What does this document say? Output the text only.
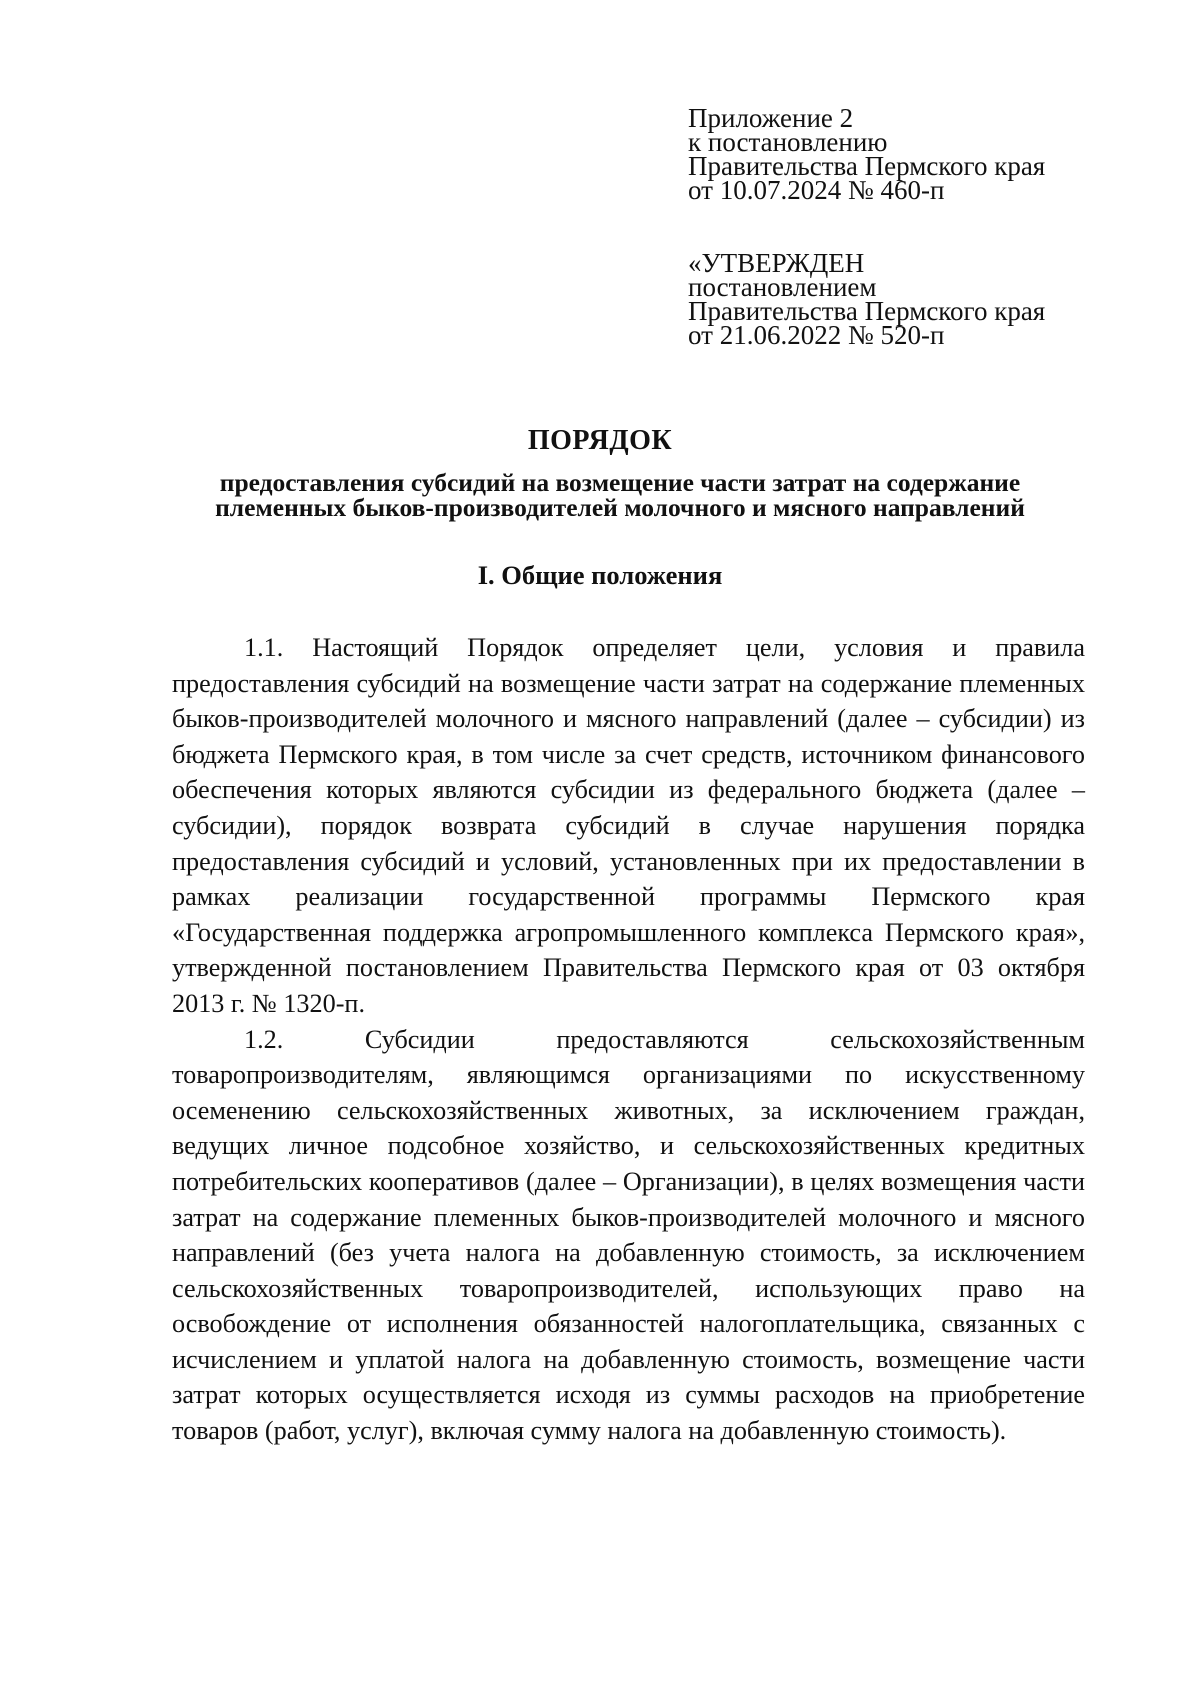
Приложение 2
к постановлению
Правительства Пермского края
от 10.07.2024 № 460-п
«УТВЕРЖДЕН
постановлением
Правительства Пермского края
от 21.06.2022 № 520-п
ПОРЯДОК
предоставления субсидий на возмещение части затрат на содержание
племенных быков-производителей молочного и мясного направлений
I. Общие положения

1.1. Настоящий Порядок определяет цели, условия и правила предоставления субсидий на возмещение части затрат на содержание племенных быков-производителей молочного и мясного направлений (далее – субсидии) из бюджета Пермского края, в том числе за счет средств, источником финансового обеспечения которых являются субсидии из федерального бюджета (далее – субсидии), порядок возврата субсидий в случае нарушения порядка предоставления субсидий и условий, установленных при их предоставлении в рамках реализации государственной программы Пермского края «Государственная поддержка агропромышленного комплекса Пермского края», утвержденной постановлением Правительства Пермского края от 03 октября 2013 г. № 1320-п.

1.2. Субсидии предоставляются сельскохозяйственным товаропроизводителям, являющимся организациями по искусственному осеменению сельскохозяйственных животных, за исключением граждан, ведущих личное подсобное хозяйство, и сельскохозяйственных кредитных потребительских кооперативов (далее – Организации), в целях возмещения части затрат на содержание племенных быков-производителей молочного и мясного направлений (без учета налога на добавленную стоимость, за исключением сельскохозяйственных товаропроизводителей, использующих право на освобождение от исполнения обязанностей налогоплательщика, связанных с исчислением и уплатой налога на добавленную стоимость, возмещение части затрат которых осуществляется исходя из суммы расходов на приобретение товаров (работ, услуг), включая сумму налога на добавленную стоимость).
